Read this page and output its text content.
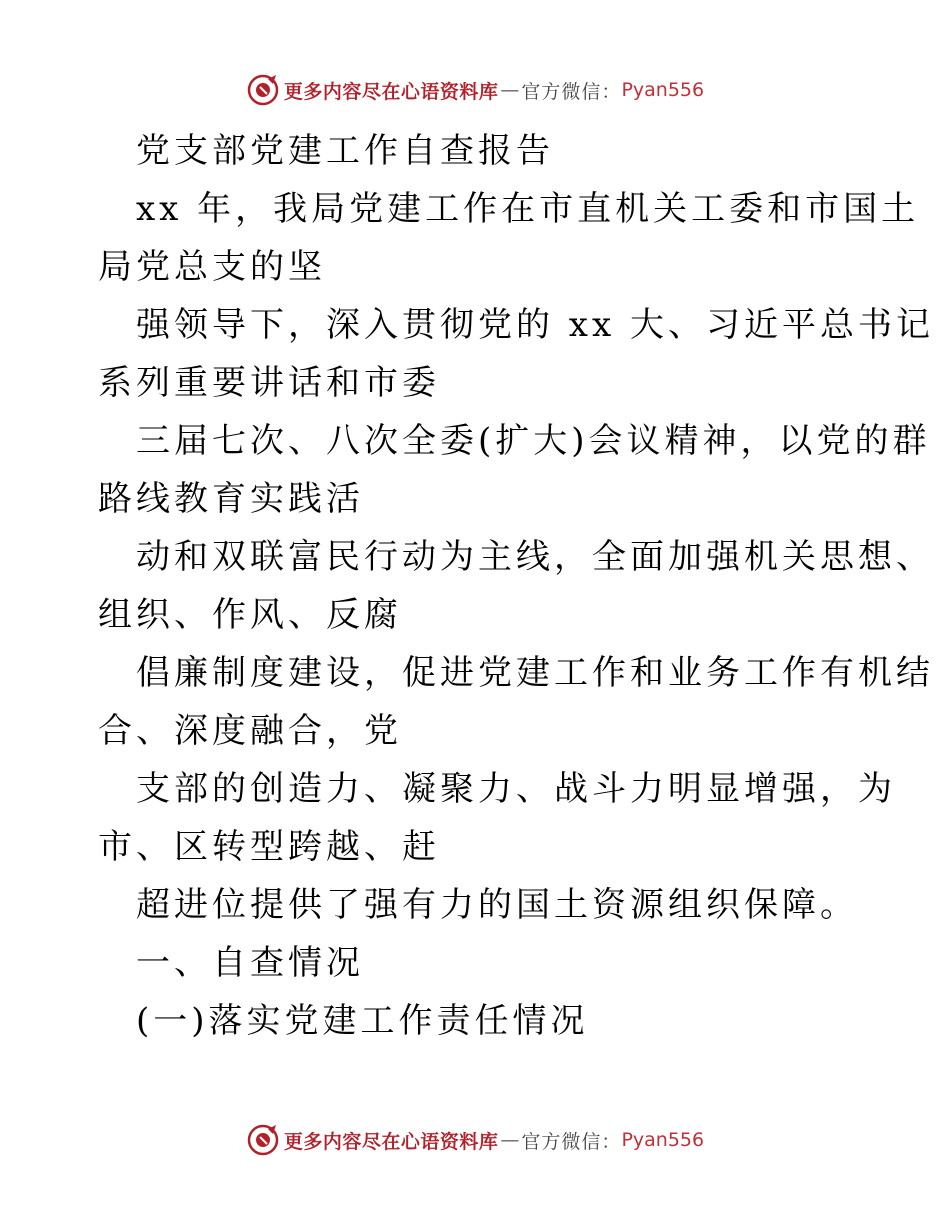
更多内容尽在心语资料库 — 官方微信： Pyan556
党支部党建工作自查报告
xx 年，我局党建工作在市直机关工委和市国土
局党总支的坚
强领导下，深入贯彻党的 xx 大、习近平总书记
系列重要讲话和市委
三届七次、八次全委(扩大)会议精神，以党的群
路线教育实践活
动和双联富民行动为主线，全面加强机关思想、
组织、作风、反腐
倡廉制度建设，促进党建工作和业务工作有机结
合、深度融合，党
支部的创造力、凝聚力、战斗力明显增强，为
市、区转型跨越、赶
超进位提供了强有力的国土资源组织保障。
一、自查情况
(一)落实党建工作责任情况
更多内容尽在心语资料库 — 官方微信： Pyan556
